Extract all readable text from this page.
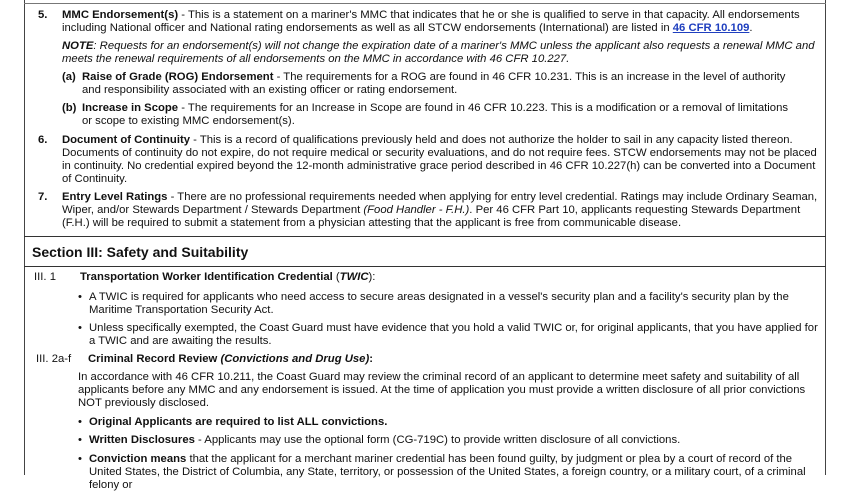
5. MMC Endorsement(s) - This is a statement on a mariner's MMC that indicates that he or she is qualified to serve in that capacity. All endorsements including National officer and National rating endorsements as well as all STCW endorsements (International) are listed in 46 CFR 10.109.
NOTE: Requests for an endorsement(s) will not change the expiration date of a mariner's MMC unless the applicant also requests a renewal MMC and meets the renewal requirements of all endorsements on the MMC in accordance with 46 CFR 10.227.
(a) Raise of Grade (ROG) Endorsement - The requirements for a ROG are found in 46 CFR 10.231. This is an increase in the level of authority and responsibility associated with an existing officer or rating endorsement.
(b) Increase in Scope - The requirements for an Increase in Scope are found in 46 CFR 10.223. This is a modification or a removal of limitations or scope to existing MMC endorsement(s).
6. Document of Continuity - This is a record of qualifications previously held and does not authorize the holder to sail in any capacity listed thereon. Documents of continuity do not expire, do not require medical or security evaluations, and do not require fees. STCW endorsements may not be placed in continuity. No credential expired beyond the 12-month administrative grace period described in 46 CFR 10.227(h) can be converted into a Document of Continuity.
7. Entry Level Ratings - There are no professional requirements needed when applying for entry level credential. Ratings may include Ordinary Seaman, Wiper, and/or Stewards Department / Stewards Department (Food Handler - F.H.). Per 46 CFR Part 10, applicants requesting Stewards Department (F.H.) will be required to submit a statement from a physician attesting that the applicant is free from communicable disease.
Section III: Safety and Suitability
III. 1 Transportation Worker Identification Credential (TWIC):
• A TWIC is required for applicants who need access to secure areas designated in a vessel's security plan and a facility's security plan by the Maritime Transportation Security Act.
• Unless specifically exempted, the Coast Guard must have evidence that you hold a valid TWIC or, for original applicants, that you have applied for a TWIC and are awaiting the results.
III. 2a-f Criminal Record Review (Convictions and Drug Use):
In accordance with 46 CFR 10.211, the Coast Guard may review the criminal record of an applicant to determine meet safety and suitability of all applicants before any MMC and any endorsement is issued. At the time of application you must provide a written disclosure of all prior convictions NOT previously disclosed.
• Original Applicants are required to list ALL convictions.
• Written Disclosures - Applicants may use the optional form (CG-719C) to provide written disclosure of all convictions.
• Conviction means that the applicant for a merchant mariner credential has been found guilty, by judgment or plea by a court of record of the United States, the District of Columbia, any State, territory, or possession of the United States, a foreign country, or a military court, of a criminal felony or
